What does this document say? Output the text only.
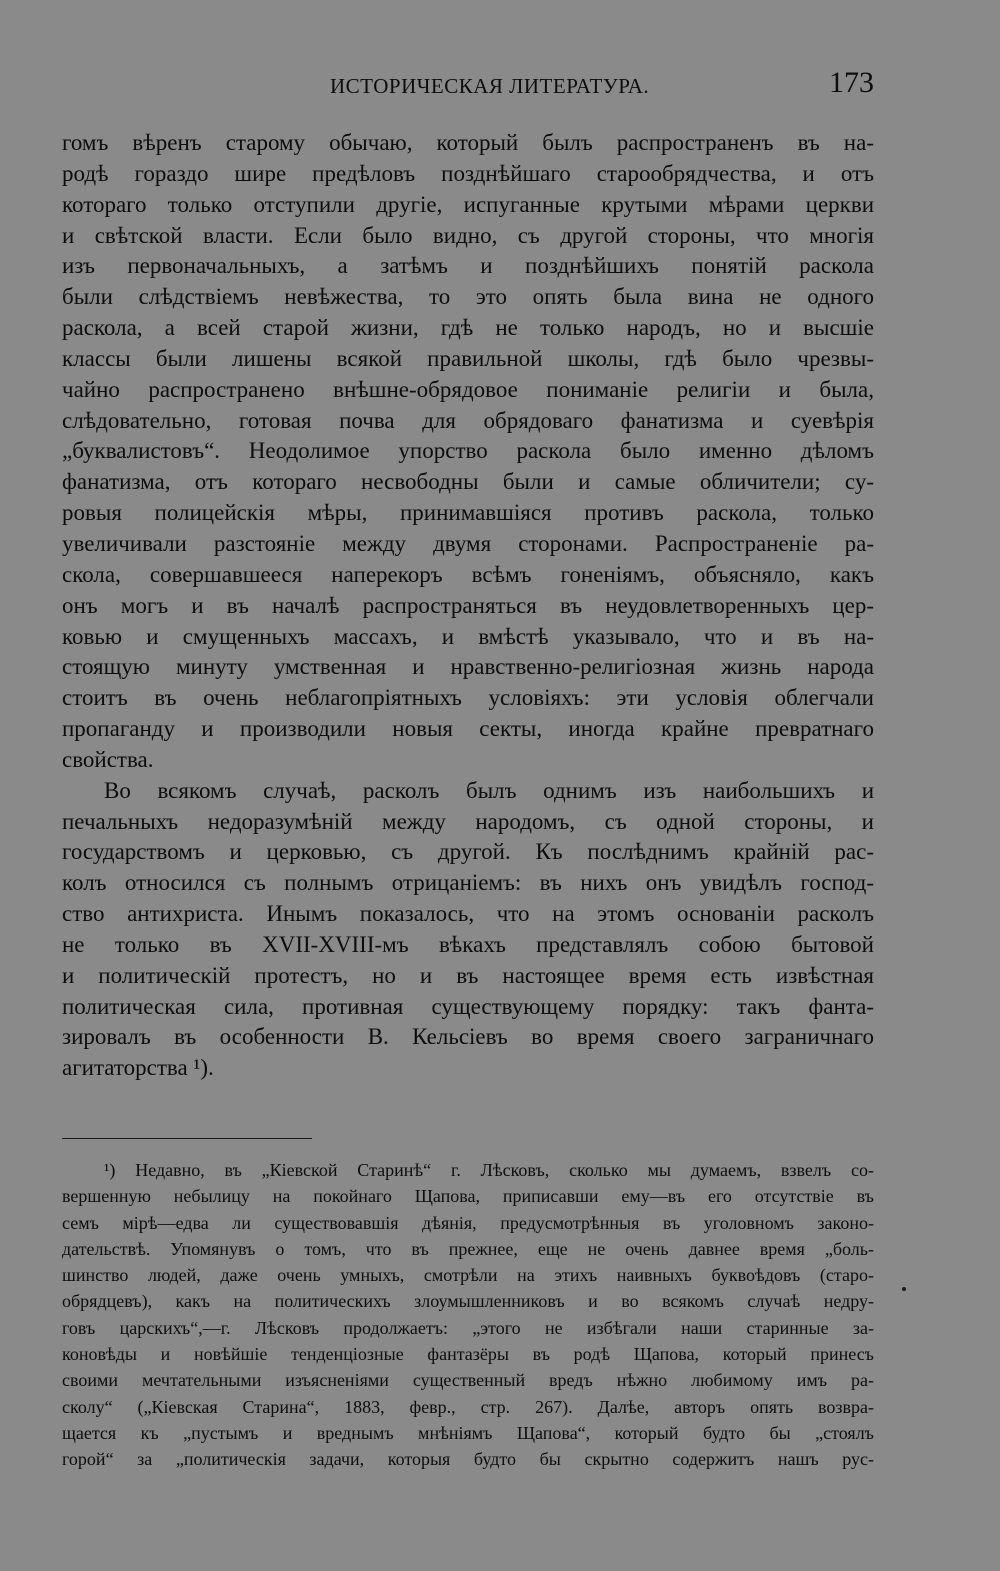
ИСТОРИЧЕСКАЯ ЛИТЕРАТУРА.	173
гомъ вѣренъ старому обычаю, который былъ распространенъ въ на-
родѣ гораздо шире предѣловъ позднѣйшаго старообрядчества, и отъ
котораго только отступили другіе, испуганные крутыми мѣрами церкви
и свѣтской власти. Если было видно, съ другой стороны, что многія
изъ первоначальныхъ, а затѣмъ и позднѣйшихъ понятій раскола
были слѣдствіемъ невѣжества, то это опять была вина не одного
раскола, а всей старой жизни, гдѣ не только народъ, но и высшіе
классы были лишены всякой правильной школы, гдѣ было чрезвы-
чайно распространено внѣшне-обрядовое пониманіе религіи и была,
слѣдовательно, готовая почва для обрядоваго фанатизма и суевѣрія
„буквалистовъ“. Неодолимое упорство раскола было именно дѣломъ
фанатизма, отъ котораго несвободны были и самые обличители; су-
ровыя полицейскія мѣры, принимавшіяся противъ раскола, только
увеличивали разстояніе между двумя сторонами. Распространеніе ра-
скола, совершавшееся наперекоръ всѣмъ гоненіямъ, объясняло, какъ
онъ могъ и въ началѣ распространяться въ неудовлетворенныхъ цер-
ковью и смущенныхъ массахъ, и вмѣстѣ указывало, что и въ на-
стоящую минуту умственная и нравственно-религіозная жизнь народа
стоитъ въ очень неблагопріятныхъ условіяхъ: эти условія облегчали
пропаганду и производили новыя секты, иногда крайне превратнаго
свойства.
Во всякомъ случаѣ, расколъ былъ однимъ изъ наибольшихъ и
печальныхъ недоразумѣній между народомъ, съ одной стороны, и
государствомъ и церковью, съ другой. Къ послѣднимъ крайній рас-
колъ относился съ полнымъ отрицаніемъ: въ нихъ онъ увидѣлъ господ-
ство антихриста. Инымъ показалось, что на этомъ основаніи расколъ
не только въ XVII-XVIII-мъ вѣкахъ представлялъ собою бытовой
и политическій протестъ, но и въ настоящее время есть извѣстная
политическая сила, противная существующему порядку: такъ фанта-
зировалъ въ особенности В. Кельсіевъ во время своего заграничнаго
агитаторства ¹).
¹) Недавно, въ „Кіевской Старинѣ“ г. Лѣсковъ, сколько мы думаемъ, взвелъ со-
вершенную небылицу на покойнаго Щапова, приписавши ему—въ его отсутствіе въ
семъ мірѣ—едва ли существовавшія дѣянія, предусмотрѣнныя въ уголовномъ законо-
дательствѣ. Упомянувъ о томъ, что въ прежнее, еще не очень давнее время „боль-
шинство людей, даже очень умныхъ, смотрѣли на этихъ наивныхъ буквоѣдовъ (старо-
обрядцевъ), какъ на политическихъ злоумышленниковъ и во всякомъ случаѣ недру-
говъ царскихъ“,—г. Лѣсковъ продолжаетъ: „этого не избѣгали наши старинные за-
коновѣды и новѣйшіе тенденціозные фантазёры въ родѣ Щапова, который принесъ
своими мечтательными изъясненіями существенный вредъ нѣжно любимому имъ ра-
сколу“ („Кіевская Старина“, 1883, февр., стр. 267). Далѣе, авторъ опять возвра-
щается къ „пустымъ и вреднымъ мнѣніямъ Щапова“, который будто бы „стоялъ
горой“ за „политическія задачи, которыя будто бы скрытно содержитъ нашъ рус-
